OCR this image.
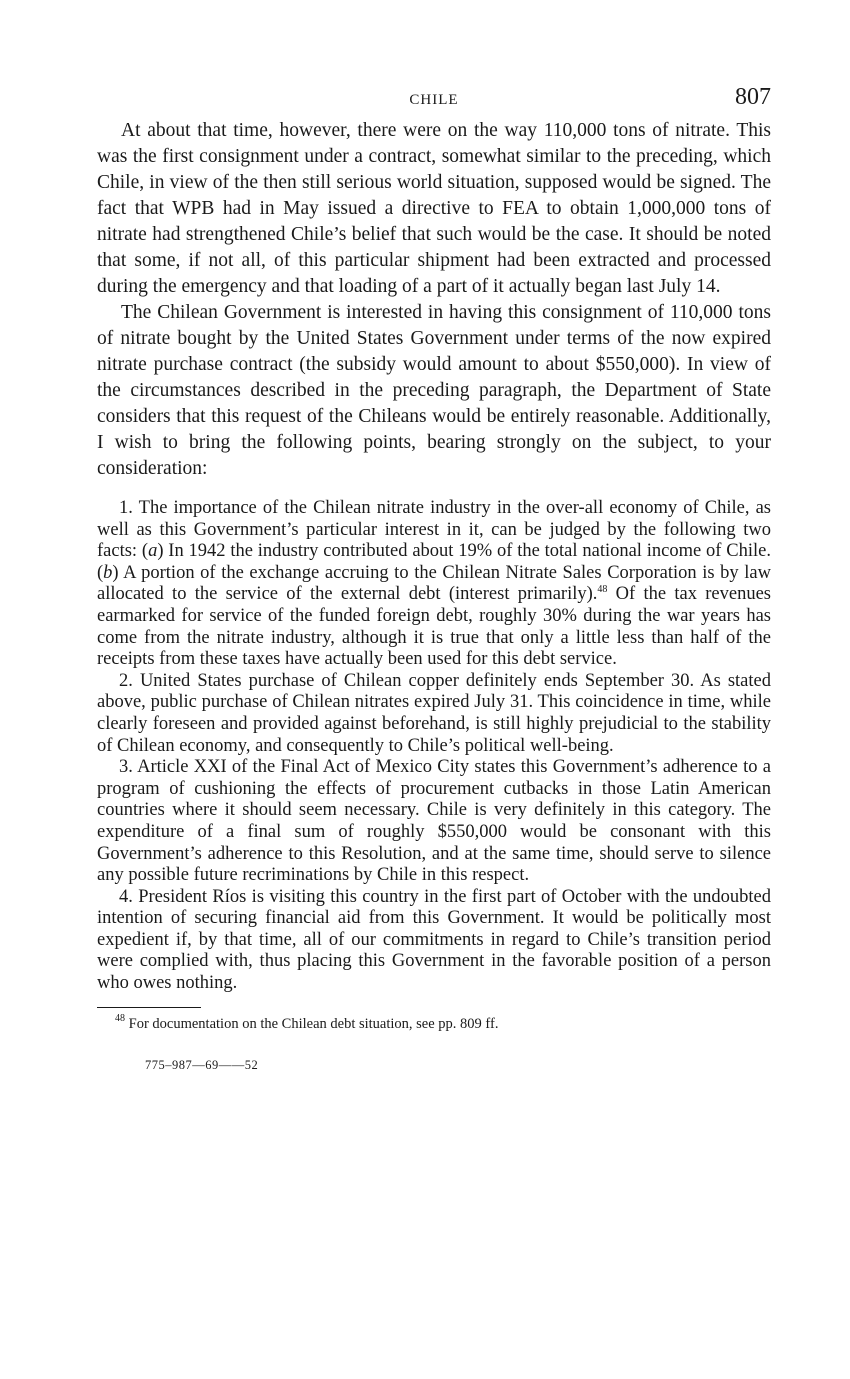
CHILE	807

At about that time, however, there were on the way 110,000 tons of nitrate. This was the first consignment under a contract, somewhat similar to the preceding, which Chile, in view of the then still serious world situation, supposed would be signed. The fact that WPB had in May issued a directive to FEA to obtain 1,000,000 tons of nitrate had strengthened Chile’s belief that such would be the case. It should be noted that some, if not all, of this particular shipment had been extracted and processed during the emergency and that loading of a part of it actually began last July 14.

The Chilean Government is interested in having this consignment of 110,000 tons of nitrate bought by the United States Government under terms of the now expired nitrate purchase contract (the subsidy would amount to about $550,000). In view of the circumstances described in the preceding paragraph, the Department of State considers that this request of the Chileans would be entirely reasonable. Additionally, I wish to bring the following points, bearing strongly on the subject, to your consideration:

1. The importance of the Chilean nitrate industry in the over-all economy of Chile, as well as this Government’s particular interest in it, can be judged by the following two facts: (a) In 1942 the industry contributed about 19% of the total national income of Chile. (b) A portion of the exchange accruing to the Chilean Nitrate Sales Corporation is by law allocated to the service of the external debt (interest primarily).$^{48}$ Of the tax revenues earmarked for service of the funded foreign debt, roughly 30% during the war years has come from the nitrate industry, although it is true that only a little less than half of the receipts from these taxes have actually been used for this debt service.

2. United States purchase of Chilean copper definitely ends September 30. As stated above, public purchase of Chilean nitrates expired July 31. This coincidence in time, while clearly foreseen and provided against beforehand, is still highly prejudicial to the stability of Chilean economy, and consequently to Chile’s political well-being.

3. Article XXI of the Final Act of Mexico City states this Government’s adherence to a program of cushioning the effects of procurement cutbacks in those Latin American countries where it should seem necessary. Chile is very definitely in this category. The expenditure of a final sum of roughly $550,000 would be consonant with this Government’s adherence to this Resolution, and at the same time, should serve to silence any possible future recriminations by Chile in this respect.

4. President Ríos is visiting this country in the first part of October with the undoubted intention of securing financial aid from this Government. It would be politically most expedient if, by that time, all of our commitments in regard to Chile’s transition period were complied with, thus placing this Government in the favorable position of a person who owes nothing.

$^{48}$ For documentation on the Chilean debt situation, see pp. 809 ff.

775–987—69——52
